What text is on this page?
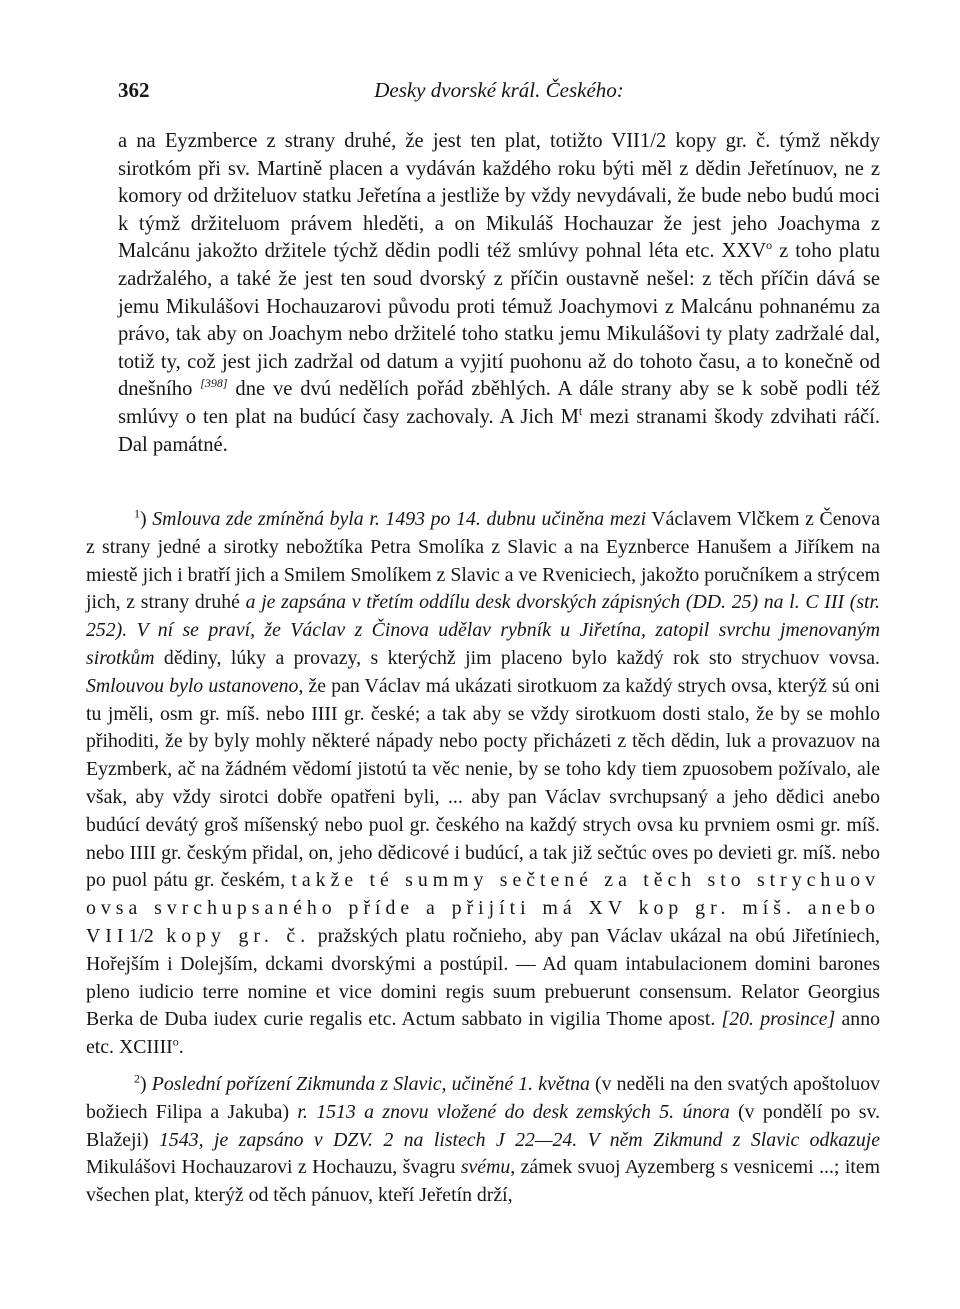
362	Desky dvorské král. Českého:

a na Eyzmberce z strany druhé, že jest ten plat, totižto VII1/2 kopy gr. č. týmž někdy sirotkóm při sv. Martině placen a vydáván každého roku býti měl z dědin Jeřetínuov, ne z komory od držiteluov statku Jeřetína a jestliže by vždy nevydávali, že bude nebo budú moci k týmž držiteluom právem hleděti, a on Mikuláš Hochauzar že jest jeho Joachyma z Malcánu jakožto držitele týchž dědin podli též smlúvy pohnal léta etc. XXV$^o$ z toho platu zadržalého, a také že jest ten soud dvorský z příčin oustavně nešel: z těch příčin dává se jemu Mikulášovi Hochauzarovi původu proti témuž Joachymovi z Malcánu pohnanému za právo, tak aby on Joachym nebo držitelé toho statku jemu Mikulášovi ty platy zadržalé dal, totiž ty, což jest jich zadržal od datum a vyjití puohonu až do tohoto času, a to konečně od dnešního [398] dne ve dvú nedělích pořád zběhlých. A dále strany aby se k sobě podli též smlúvy o ten plat na budúcí časy zachovaly. A Jich $M^t$ mezi stranami škody zdvihati ráčí. Dal památné.

$^1$) Smlouva zde zmíněná byla r. 1493 po 14. dubnu učiněna mezi Václavem Vlčkem z Čenova z strany jedné a sirotky nebožtíka Petra Smolíka z Slavic a na Eyznberce Hanušem a Jiříkem na miestě jich i bratří jich a Smilem Smolíkem z Slavic a ve Rveniciech, jakožto poručníkem a strýcem jich, z strany druhé a je zapsána v třetím oddílu desk dvorských zápisných (DD. 25) na l. C III (str. 252). V ní se praví, že Václav z Činova udělav rybník u Jiřetína, zatopil svrchu jmenovaným sirotkům dědiny, lúky a provazy, s kterýchž jim placeno bylo každý rok sto strychuov vovsa. Smlouvou bylo ustanoveno, že pan Václav má ukázati sirotkuom za každý strych ovsa, kterýž sú oni tu jměli, osm gr. míš. nebo IIII gr. české; a tak aby se vždy sirotkuom dosti stalo, že by se mohlo přihoditi, že by byly mohly některé nápady nebo pocty přicházeti z těch dědin, luk a provazuov na Eyzmberk, ač na žádném vědomí jistotú ta věc nenie, by se toho kdy tiem zpuosobem požívalo, ale však, aby vždy sirotci dobře opatřeni byli, ... aby pan Václav svrchupsaný a jeho dědici anebo budúcí devátý groš míšenský nebo puol gr. českého na každý strych ovsa ku prvniem osmi gr. míš. nebo IIII gr. českým přidal, on, jeho dědicové i budúcí, a tak již sečtúc oves po devieti gr. míš. nebo po puol pátu gr. českém, takže té summy sečtené za těch sto strychuov ovsa svrchupsaného příde a přijíti má XV kop gr. míš. anebo VII1/2 kopy gr. č. pražských platu ročnieho, aby pan Václav ukázal na obú Jiřetíniech, Hořejším i Dolejším, dckami dvorskými a postúpil. — Ad quam intabulacionem domini barones pleno iudicio terre nomine et vice domini regis suum prebuerunt consensum. Relator Georgius Berka de Duba iudex curie regalis etc. Actum sabbato in vigilia Thome apost. [20. prosince] anno etc. XCIIII$^o$.

$^2$) Poslední pořízení Zikmunda z Slavic, učiněné 1. května (v neděli na den svatých apoštoluov božiech Filipa a Jakuba) r. 1513 a znovu vložené do desk zemských 5. února (v pondělí po sv. Blažeji) 1543, je zapsáno v DZV. 2 na listech J 22—24. V něm Zikmund z Slavic odkazuje Mikulášovi Hochauzarovi z Hochauzu, švagru svému, zámek svuoj Ayzemberg s vesnicemi ...; item všechen plat, kterýž od těch pánuov, kteří Jeřetín drží,
